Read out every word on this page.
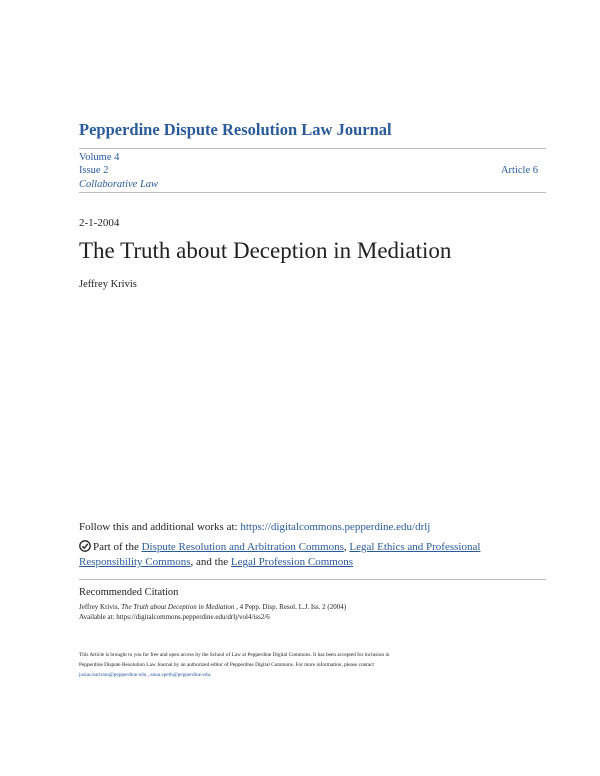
Pepperdine Dispute Resolution Law Journal
Volume 4
Issue 2	Article 6
Collaborative Law
2-1-2004
The Truth about Deception in Mediation
Jeffrey Krivis
Follow this and additional works at: https://digitalcommons.pepperdine.edu/drlj
Part of the Dispute Resolution and Arbitration Commons, Legal Ethics and Professional
Responsibility Commons, and the Legal Profession Commons
Recommended Citation
Jeffrey Krivis, The Truth about Deception in Mediation , 4 Pepp. Disp. Resol. L.J. Iss. 2 (2004)
Available at: https://digitalcommons.pepperdine.edu/drlj/vol4/iss2/6
This Article is brought to you for free and open access by the School of Law at Pepperdine Digital Commons. It has been accepted for inclusion in
Pepperdine Dispute Resolution Law Journal by an authorized editor of Pepperdine Digital Commons. For more information, please contact
josias.bartram@pepperdine.edu , anna.speth@pepperdine.edu.
